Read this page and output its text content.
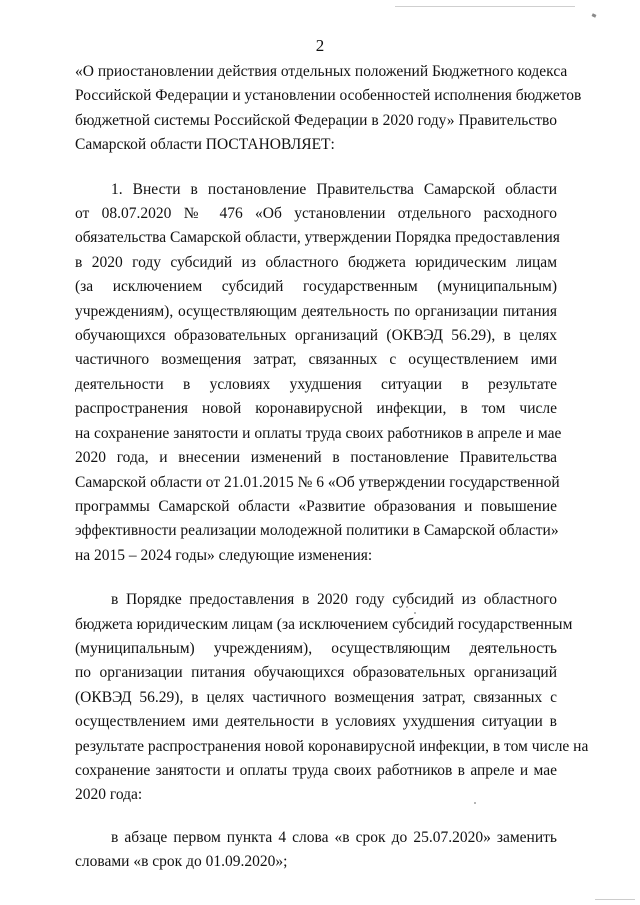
2

«О приостановлении действия отдельных положений Бюджетного кодекса
Российской Федерации и установлении особенностей исполнения бюджетов
бюджетной системы Российской Федерации в 2020 году» Правительство
Самарской области ПОСТАНОВЛЯЕТ:

1. Внести в постановление Правительства Самарской области
от 08.07.2020 № 476 «Об установлении отдельного расходного
обязательства Самарской области, утверждении Порядка предоставления
в 2020 году субсидий из областного бюджета юридическим лицам
(за исключением субсидий государственным (муниципальным)
учреждениям), осуществляющим деятельность по организации питания
обучающихся образовательных организаций (ОКВЭД 56.29), в целях
частичного возмещения затрат, связанных с осуществлением ими
деятельности в условиях ухудшения ситуации в результате
распространения новой коронавирусной инфекции, в том числе
на сохранение занятости и оплаты труда своих работников в апреле и мае
2020 года, и внесении изменений в постановление Правительства
Самарской области от 21.01.2015 № 6 «Об утверждении государственной
программы Самарской области «Развитие образования и повышение
эффективности реализации молодежной политики в Самарской области»
на 2015 – 2024 годы» следующие изменения:

в Порядке предоставления в 2020 году субсидий из областного
бюджета юридическим лицам (за исключением субсидий государственным
(муниципальным) учреждениям), осуществляющим деятельность
по организации питания обучающихся образовательных организаций
(ОКВЭД 56.29), в целях частичного возмещения затрат, связанных с
осуществлением ими деятельности в условиях ухудшения ситуации в
результате распространения новой коронавирусной инфекции, в том числе на
сохранение занятости и оплаты труда своих работников в апреле и мае
2020 года:

в абзаце первом пункта 4 слова «в срок до 25.07.2020» заменить
словами «в срок до 01.09.2020»;
